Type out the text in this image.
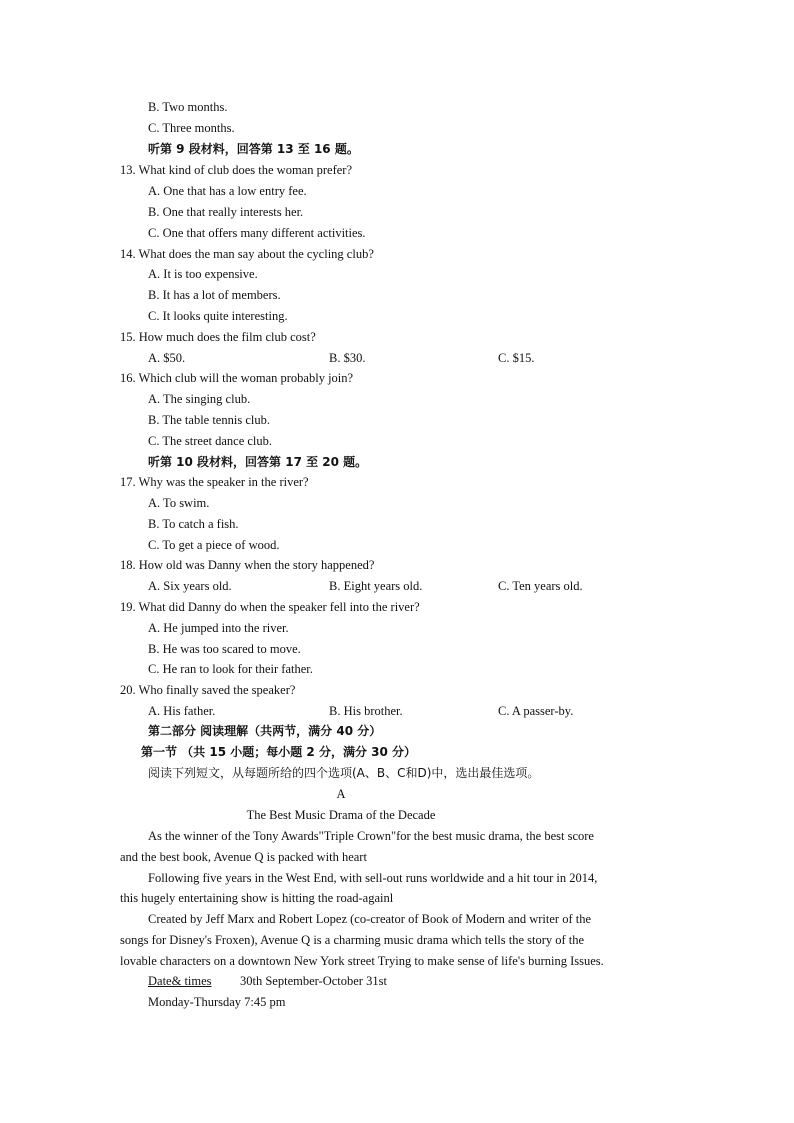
B. Two months.
C. Three months.
听第 9 段材料，回答第 13 至 16 题。
13. What kind of club does the woman prefer?
A. One that has a low entry fee.
B. One that really interests her.
C. One that offers many different activities.
14. What does the man say about the cycling club?
A. It is too expensive.
B. It has a lot of members.
C. It looks quite interesting.
15. How much does the film club cost?
A. $50.	B. $30.	C. $15.
16. Which club will the woman probably join?
A. The singing club.
B. The table tennis club.
C. The street dance club.
听第 10 段材料，回答第 17 至 20 题。
17. Why was the speaker in the river?
A. To swim.
B. To catch a fish.
C. To get a piece of wood.
18. How old was Danny when the story happened?
A. Six years old.	B. Eight years old.	C. Ten years old.
19. What did Danny do when the speaker fell into the river?
A. He jumped into the river.
B. He was too scared to move.
C. He ran to look for their father.
20. Who finally saved the speaker?
A. His father.	B. His brother.	C. A passer-by.
第二部分 阅读理解（共两节，满分 40 分）
第一节 （共 15 小题；每小题 2 分，满分 30 分）
阅读下列短文，从每题所给的四个选项(A、B、C和D)中，选出最佳选项。
A
The Best Music Drama of the Decade
As the winner of the Tony Awards"Triple Crown"for the best music drama, the best score
and the best book, Avenue Q is packed with heart
Following five years in the West End, with sell-out runs worldwide and a hit tour in 2014,
this hugely entertaining show is hitting the road-againl
Created by Jeff Marx and Robert Lopez (co-creator of Book of Modern and writer of the
songs for Disney's Froxen), Avenue Q is a charming music drama which tells the story of the
lovable characters on a downtown New York street Trying to make sense of life's burning Issues.
Date& times 30th September-October 31st
Monday-Thursday 7:45 pm
